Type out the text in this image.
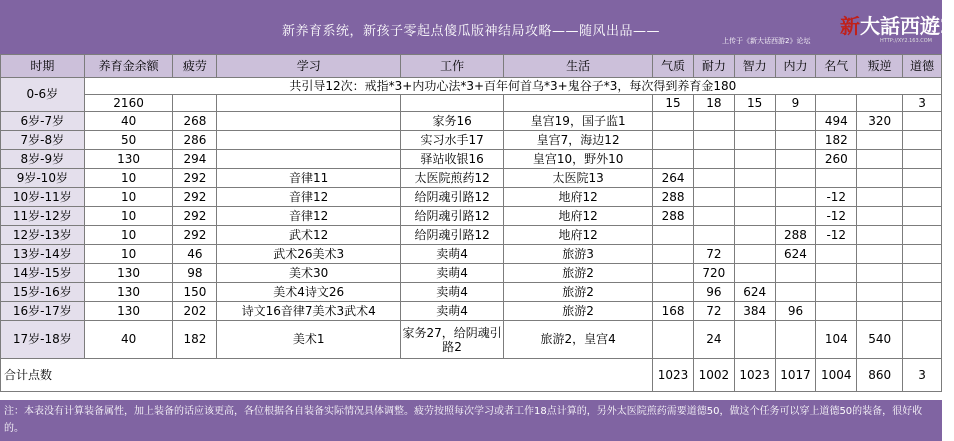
新养育系统，新孩子零起点傻瓜版神结局攻略——随风出品——
上传于《新大话西游2》论坛
新大話西遊2
HTTP://XY2.163.COM
时期	养育金余额	疲劳	学习	工作	生活	气质	耐力	智力	内力	名气	叛逆	道德
0-6岁	共引导12次：戒指*3+内功心法*3+百年何首乌*3+鬼谷子*3，每次得到养育金180											
	2160					15	18	15	9			3
6岁-7岁	40	268		家务16	皇宫19，国子监1					494	320	
7岁-8岁	50	286		实习水手17	皇宫7，海边12					182		
8岁-9岁	130	294		驿站收银16	皇宫10，野外10					260		
9岁-10岁	10	292	音律11	太医院煎药12	太医院13	264						
10岁-11岁	10	292	音律12	给阴魂引路12	地府12	288				-12		
11岁-12岁	10	292	音律12	给阴魂引路12	地府12	288				-12		
12岁-13岁	10	292	武术12	给阴魂引路12	地府12				288	-12		
13岁-14岁	10	46	武术26美术3	卖萌4	旅游3		72		624			
14岁-15岁	130	98	美术30	卖萌4	旅游2		720					
15岁-16岁	130	150	美术4诗文26	卖萌4	旅游2		96	624				
16岁-17岁	130	202	诗文16音律7美术3武术4	卖萌4	旅游2	168	72	384	96			
17岁-18岁	40	182	美术1	家务27，给阴魂引路2	旅游2，皇宫4		24			104	540	
合计点数						1023	1002	1023	1017	1004	860	3
注：本表没有计算装备属性，加上装备的话应该更高，各位根据各自装备实际情况具体调整。疲劳按照每次学习或者工作18点计算的，另外太医院煎药需要道德50，做这个任务可以穿上道德50的装备，很好收的。
